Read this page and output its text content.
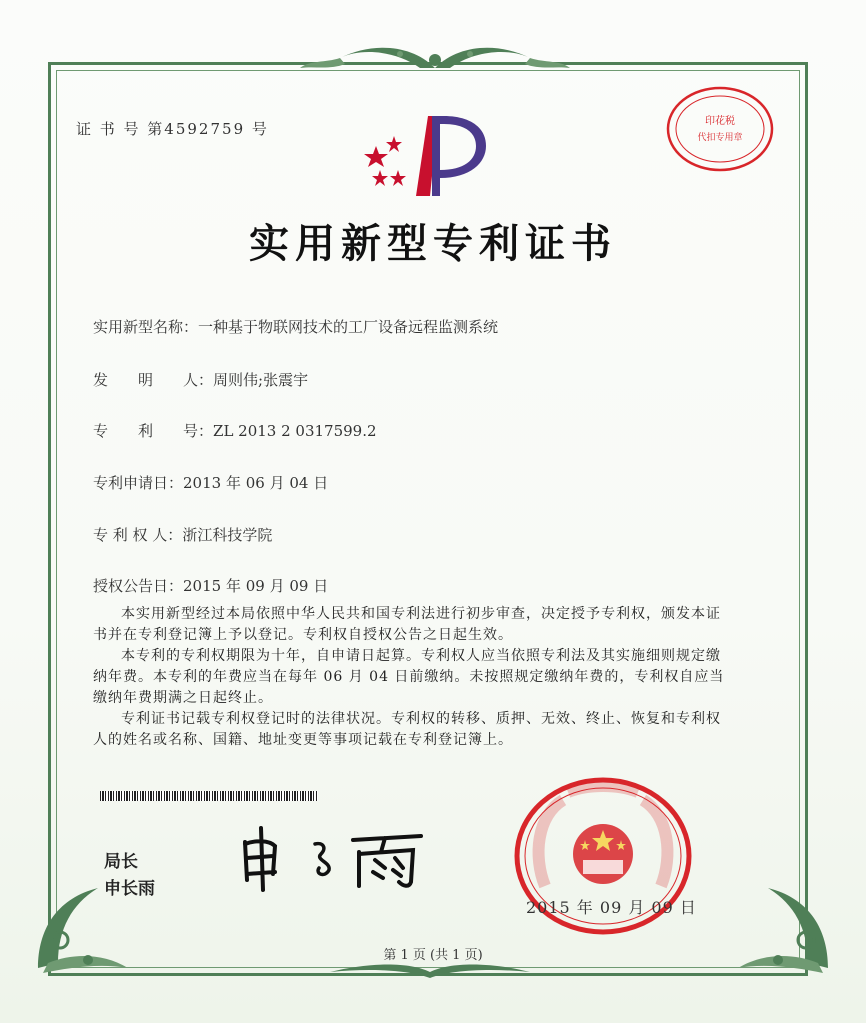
证 书 号 第4592759 号	印花税
代扣专用章
实用新型专利证书
实用新型名称：一种基于物联网技术的工厂设备远程监测系统
发　　明　　人：周则伟;张震宇
专　　利　　号：ZL 2013 2 0317599.2
专利申请日：2013 年 06 月 04 日
专 利 权 人：浙江科技学院
授权公告日：2015 年 09 月 09 日

本实用新型经过本局依照中华人民共和国专利法进行初步审查，决定授予专利权，颁发本证书并在专利登记簿上予以登记。专利权自授权公告之日起生效。

本专利的专利权期限为十年，自申请日起算。专利权人应当依照专利法及其实施细则规定缴纳年费。本专利的年费应当在每年 06 月 04 日前缴纳。未按照规定缴纳年费的，专利权自应当缴纳年费期满之日起终止。

专利证书记载专利权登记时的法律状况。专利权的转移、质押、无效、终止、恢复和专利权人的姓名或名称、国籍、地址变更等事项记载在专利登记簿上。

局长
申长雨
2015 年 09 月 09 日
第 1 页 (共 1 页)
